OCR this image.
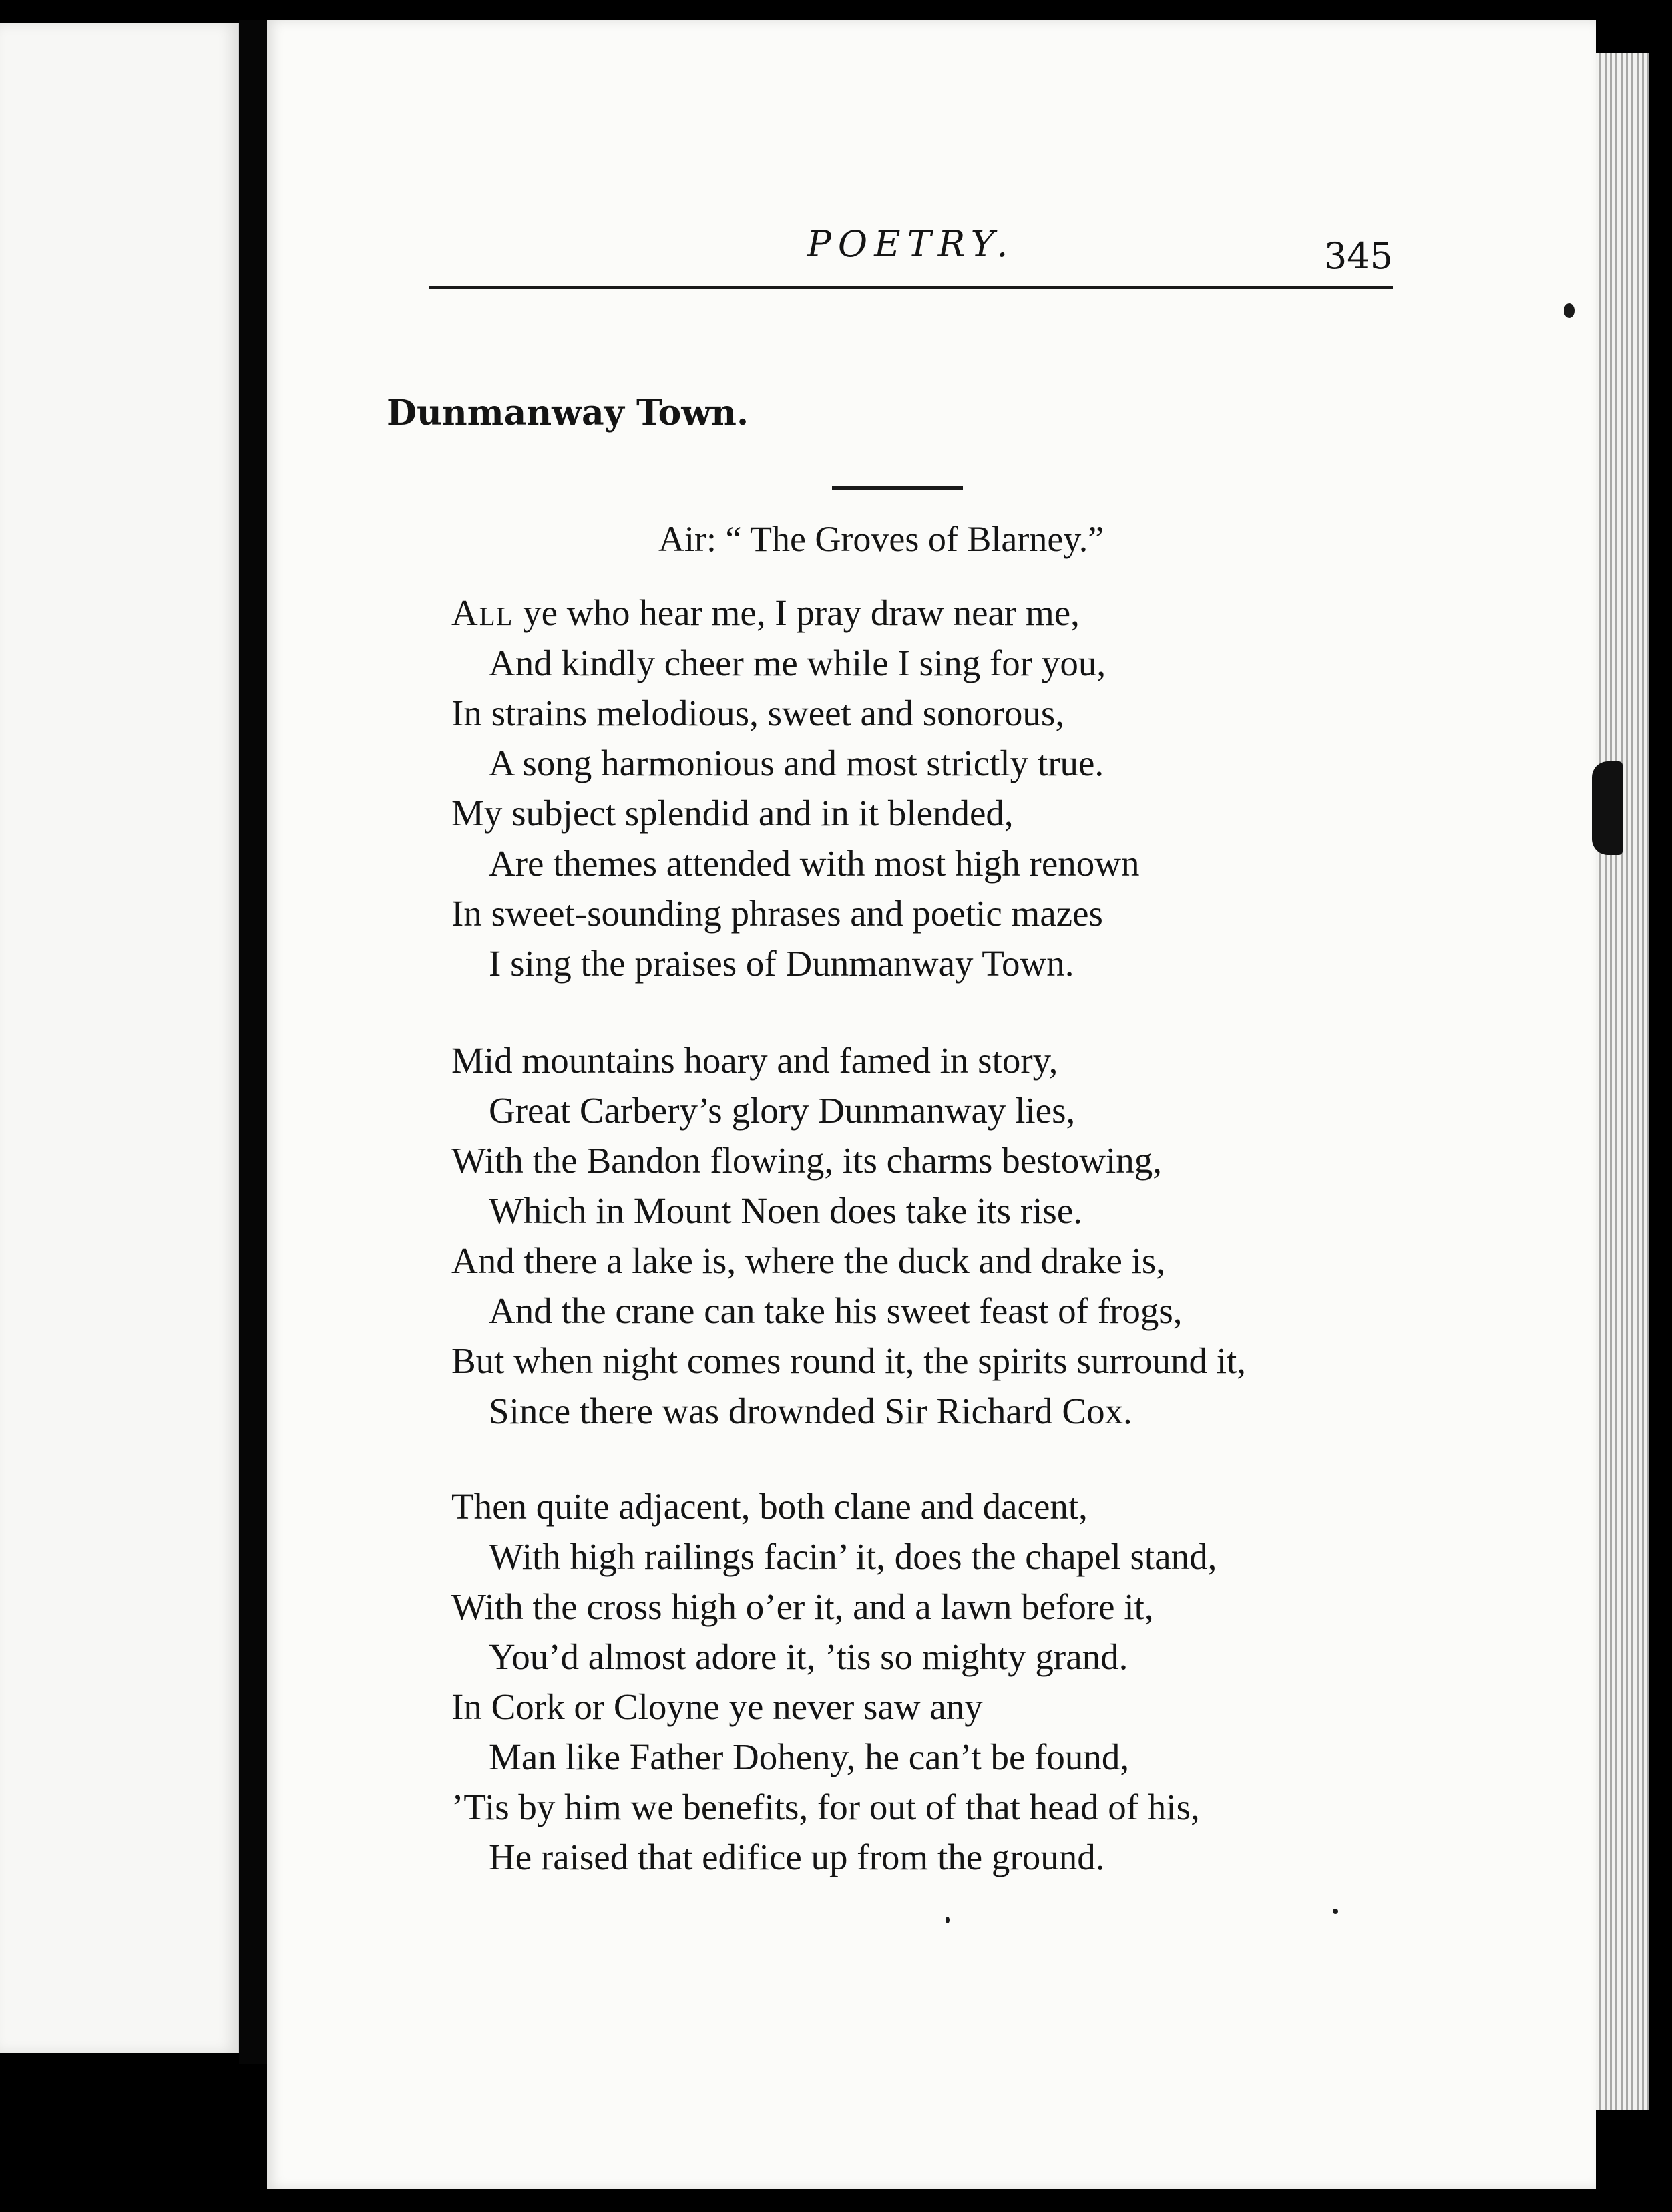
POETRY.	345
Dunmanway Town.
Air: “ The Groves of Blarney.”
All ye who hear me, I pray draw near me,
And kindly cheer me while I sing for you,
In strains melodious, sweet and sonorous,
A song harmonious and most strictly true.
My subject splendid and in it blended,
Are themes attended with most high renown
In sweet-sounding phrases and poetic mazes
I sing the praises of Dunmanway Town.
Mid mountains hoary and famed in story,
Great Carbery’s glory Dunmanway lies,
With the Bandon flowing, its charms bestowing,
Which in Mount Noen does take its rise.
And there a lake is, where the duck and drake is,
And the crane can take his sweet feast of frogs,
But when night comes round it, the spirits surround it,
Since there was drownded Sir Richard Cox.
Then quite adjacent, both clane and dacent,
With high railings facin’ it, does the chapel stand,
With the cross high o’er it, and a lawn before it,
You’d almost adore it, ’tis so mighty grand.
In Cork or Cloyne ye never saw any
Man like Father Doheny, he can’t be found,
’Tis by him we benefits, for out of that head of his,
He raised that edifice up from the ground.
